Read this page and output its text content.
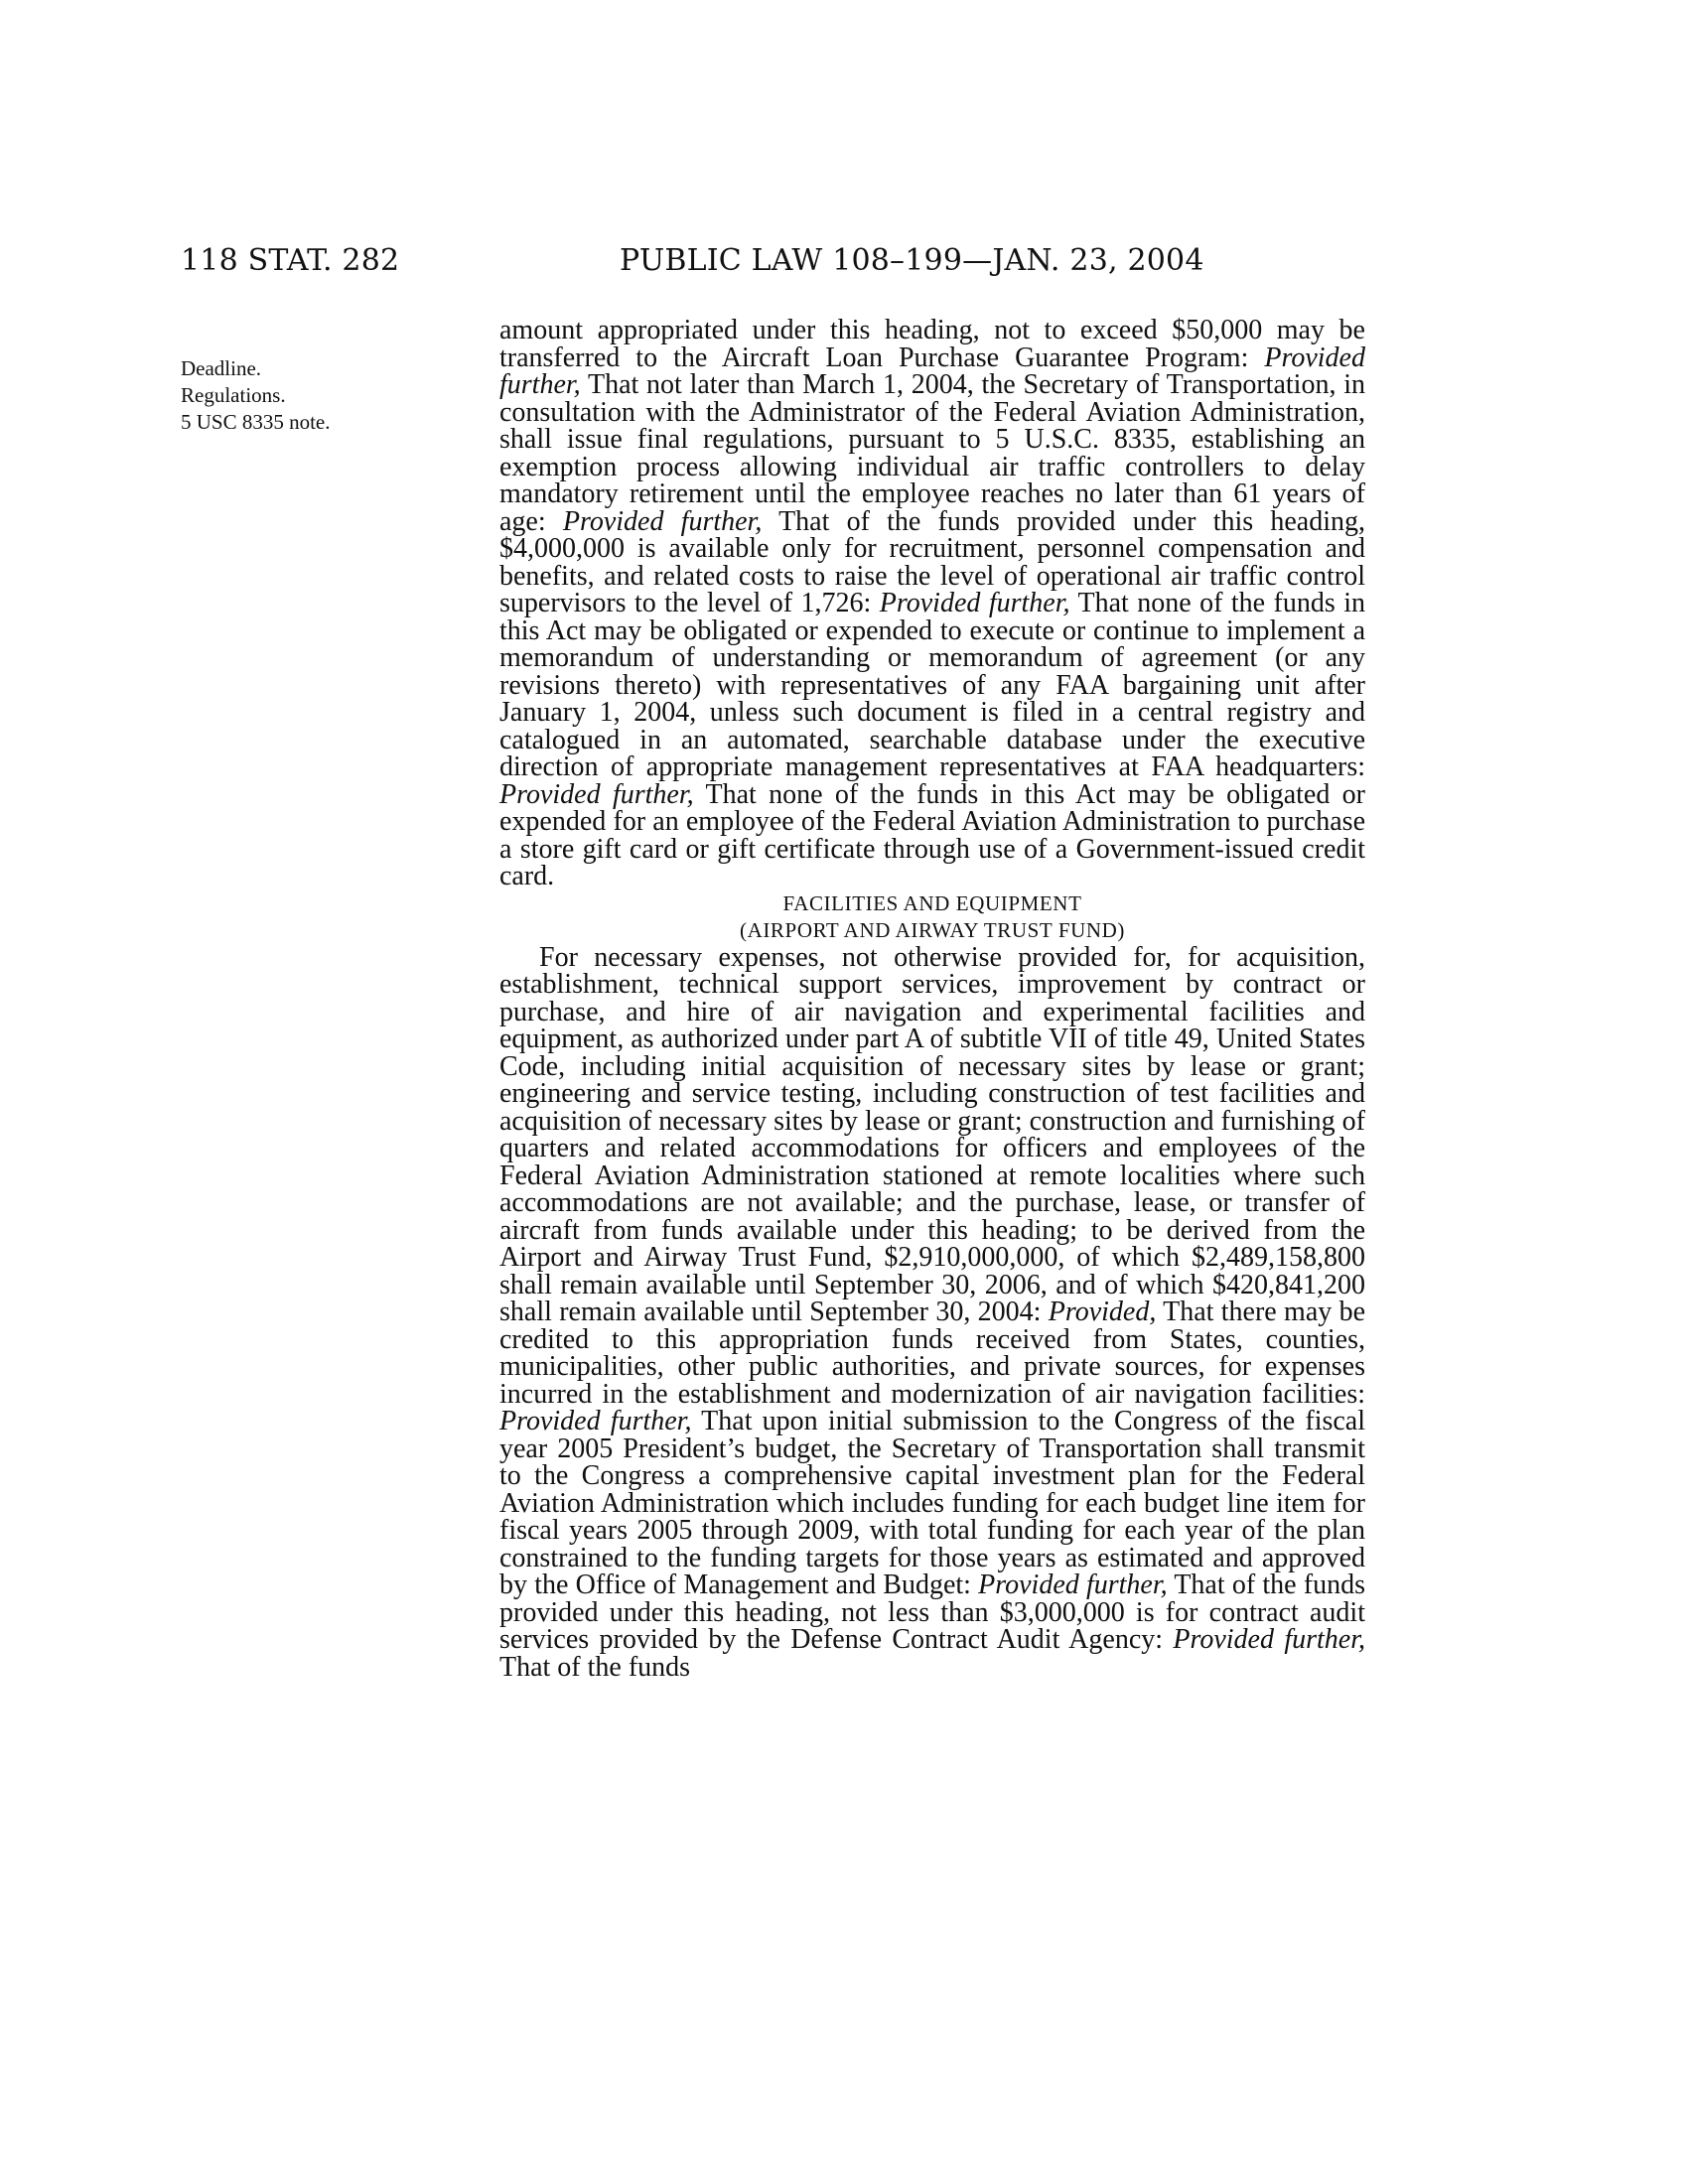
118 STAT. 282	PUBLIC LAW 108–199—JAN. 23, 2004
Deadline.
Regulations.
5 USC 8335 note.

amount appropriated under this heading, not to exceed $50,000 may be transferred to the Aircraft Loan Purchase Guarantee Program: Provided further, That not later than March 1, 2004, the Secretary of Transportation, in consultation with the Administrator of the Federal Aviation Administration, shall issue final regulations, pursuant to 5 U.S.C. 8335, establishing an exemption process allowing individual air traffic controllers to delay mandatory retirement until the employee reaches no later than 61 years of age: Provided further, That of the funds provided under this heading, $4,000,000 is available only for recruitment, personnel compensation and benefits, and related costs to raise the level of operational air traffic control supervisors to the level of 1,726: Provided further, That none of the funds in this Act may be obligated or expended to execute or continue to implement a memorandum of understanding or memorandum of agreement (or any revisions thereto) with representatives of any FAA bargaining unit after January 1, 2004, unless such document is filed in a central registry and catalogued in an automated, searchable database under the executive direction of appropriate management representatives at FAA headquarters: Provided further, That none of the funds in this Act may be obligated or expended for an employee of the Federal Aviation Administration to purchase a store gift card or gift certificate through use of a Government-issued credit card.

FACILITIES AND EQUIPMENT

(AIRPORT AND AIRWAY TRUST FUND)

For necessary expenses, not otherwise provided for, for acquisition, establishment, technical support services, improvement by contract or purchase, and hire of air navigation and experimental facilities and equipment, as authorized under part A of subtitle VII of title 49, United States Code, including initial acquisition of necessary sites by lease or grant; engineering and service testing, including construction of test facilities and acquisition of necessary sites by lease or grant; construction and furnishing of quarters and related accommodations for officers and employees of the Federal Aviation Administration stationed at remote localities where such accommodations are not available; and the purchase, lease, or transfer of aircraft from funds available under this heading; to be derived from the Airport and Airway Trust Fund, $2,910,000,000, of which $2,489,158,800 shall remain available until September 30, 2006, and of which $420,841,200 shall remain available until September 30, 2004: Provided, That there may be credited to this appropriation funds received from States, counties, municipalities, other public authorities, and private sources, for expenses incurred in the establishment and modernization of air navigation facilities: Provided further, That upon initial submission to the Congress of the fiscal year 2005 President’s budget, the Secretary of Transportation shall transmit to the Congress a comprehensive capital investment plan for the Federal Aviation Administration which includes funding for each budget line item for fiscal years 2005 through 2009, with total funding for each year of the plan constrained to the funding targets for those years as estimated and approved by the Office of Management and Budget: Provided further, That of the funds provided under this heading, not less than $3,000,000 is for contract audit services provided by the Defense Contract Audit Agency: Provided further, That of the funds
